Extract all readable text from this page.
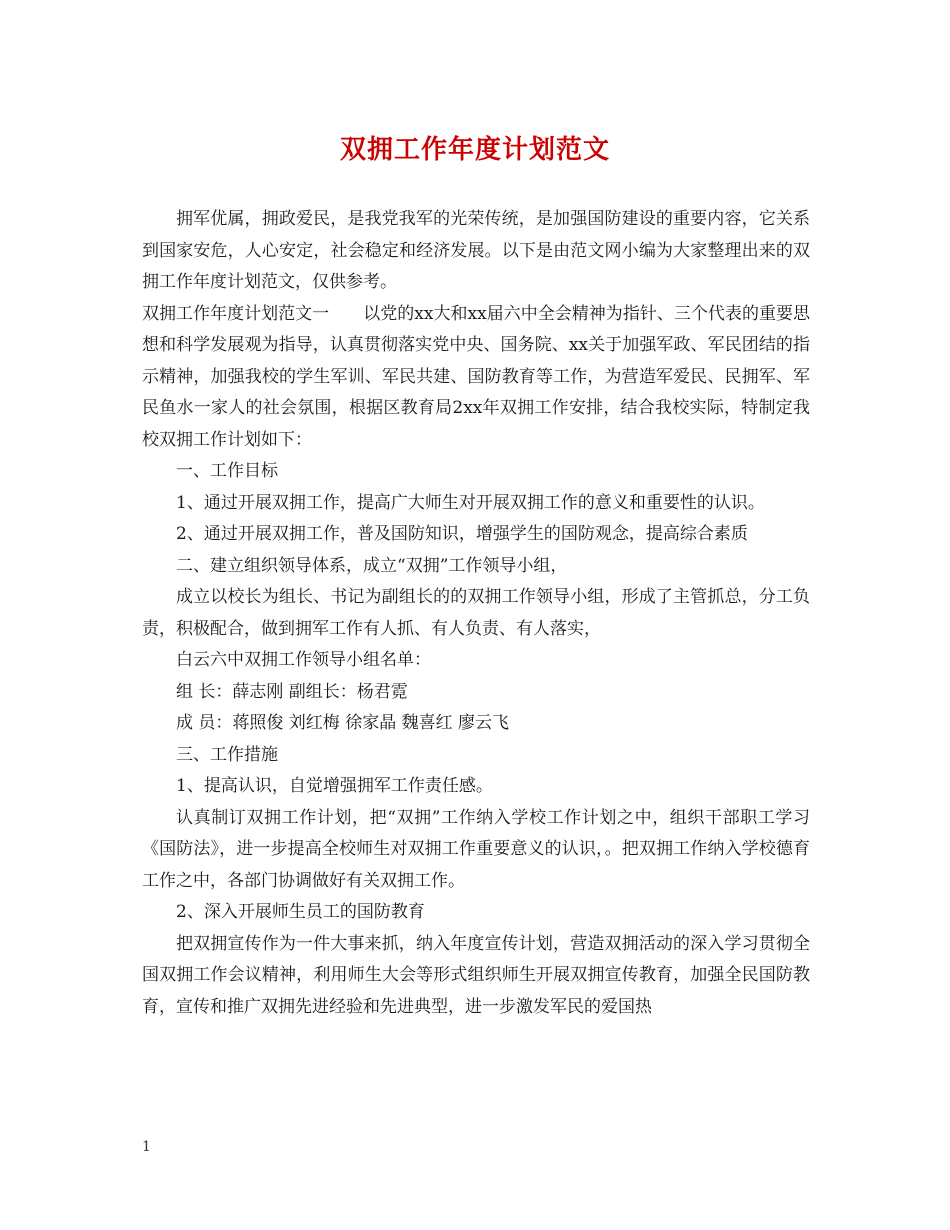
双拥工作年度计划范文

拥军优属，拥政爱民，是我党我军的光荣传统，是加强国防建设的重要内容，它关系到国家安危，人心安定，社会稳定和经济发展。以下是由范文网小编为大家整理出来的双拥工作年度计划范文，仅供参考。

双拥工作年度计划范文一　　以党的xx大和xx届六中全会精神为指针、三个代表的重要思想和科学发展观为指导，认真贯彻落实党中央、国务院、xx关于加强军政、军民团结的指示精神，加强我校的学生军训、军民共建、国防教育等工作，为营造军爱民、民拥军、军民鱼水一家人的社会氛围，根据区教育局2xx年双拥工作安排，结合我校实际，特制定我校双拥工作计划如下：

一、工作目标

1、通过开展双拥工作，提高广大师生对开展双拥工作的意义和重要性的认识。

2、通过开展双拥工作，普及国防知识，增强学生的国防观念，提高综合素质

二、建立组织领导体系，成立“双拥”工作领导小组，

成立以校长为组长、书记为副组长的的双拥工作领导小组，形成了主管抓总，分工负责，积极配合，做到拥军工作有人抓、有人负责、有人落实，

白云六中双拥工作领导小组名单：

组 长：薛志刚 副组长：杨君霓

成 员：蒋照俊 刘红梅 徐家晶 魏喜红 廖云飞

三、工作措施

1、提高认识，自觉增强拥军工作责任感。

认真制订双拥工作计划，把“双拥”工作纳入学校工作计划之中，组织干部职工学习《国防法》，进一步提高全校师生对双拥工作重要意义的认识，。把双拥工作纳入学校德育工作之中，各部门协调做好有关双拥工作。

2、深入开展师生员工的国防教育

把双拥宣传作为一件大事来抓，纳入年度宣传计划，营造双拥活动的深入学习贯彻全国双拥工作会议精神，利用师生大会等形式组织师生开展双拥宣传教育，加强全民国防教育，宣传和推广双拥先进经验和先进典型，进一步激发军民的爱国热

1
